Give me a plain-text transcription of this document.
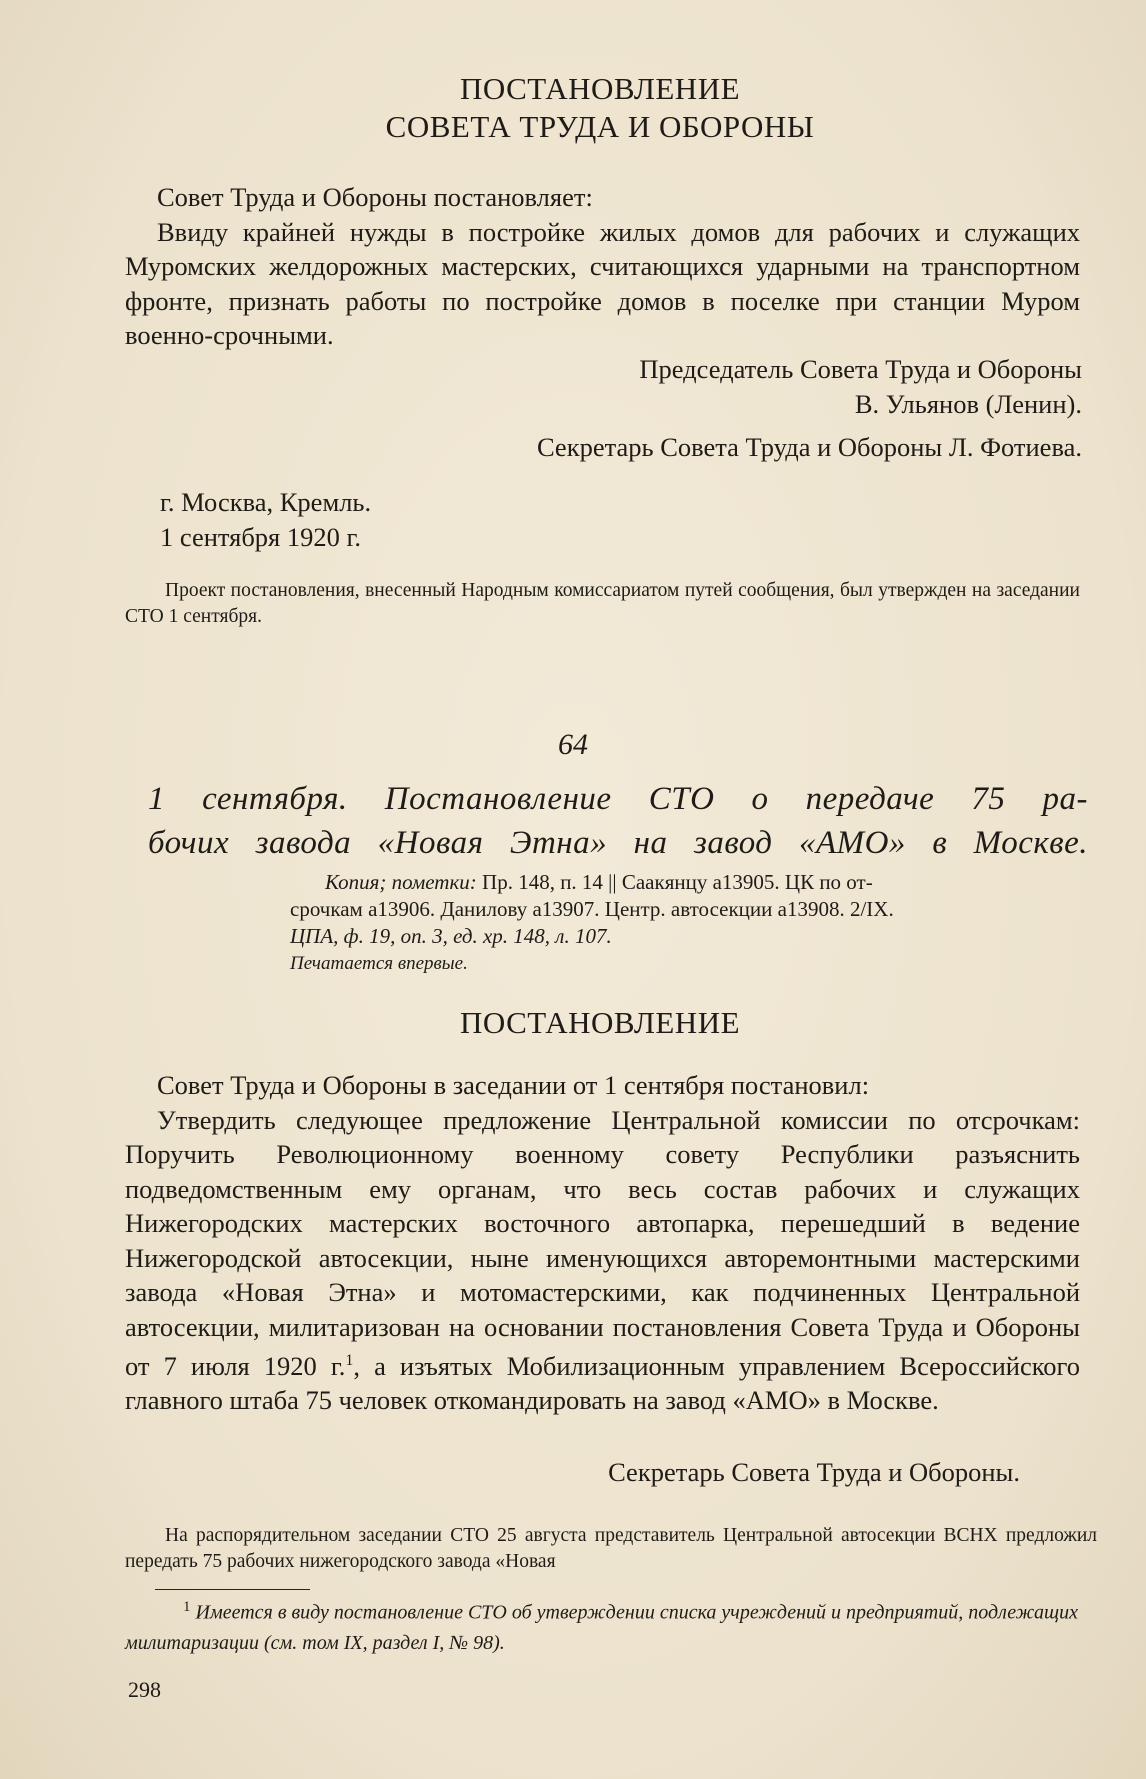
ПОСТАНОВЛЕНИЕ
СОВЕТА ТРУДА И ОБОРОНЫ

Совет Труда и Обороны постановляет:

Ввиду крайней нужды в постройке жилых домов для рабочих и служащих Муромских желдорожных мастерских, считающихся ударными на транспортном фронте, признать работы по постройке домов в поселке при станции Муром военно-срочными.

Председатель Совета Труда и Обороны
В. Ульянов (Ленин).
Секретарь Совета Труда и Обороны Л. Фотиева.
г. Москва, Кремль.
1 сентября 1920 г.

Проект постановления, внесенный Народным комиссариатом путей сообщения, был утвержден на заседании СТО 1 сентября.

64
1 сентября. Постановление СТО о передаче 75 ра-
бочих завода «Новая Этна» на завод «АМО» в Москве.
Копия; пометки: Пр. 148, п. 14 || Саакянцу а13905. ЦК по от-
срочкам а13906. Данилову а13907. Центр. автосекции а13908. 2/IX.
ЦПА, ф. 19, оп. 3, ед. хр. 148, л. 107.
Печатается впервые.
ПОСТАНОВЛЕНИЕ

Совет Труда и Обороны в заседании от 1 сентября постановил:

Утвердить следующее предложение Центральной комиссии по отсрочкам: Поручить Революционному военному совету Республики разъяснить подведомственным ему органам, что весь состав рабочих и служащих Нижегородских мастерских восточного автопарка, перешедший в ведение Нижегородской автосекции, ныне именующихся авторемонтными мастерскими завода «Новая Этна» и мотомастерскими, как подчиненных Центральной автосекции, милитаризован на основании постановления Совета Труда и Обороны от 7 июля 1920 г.$^1$, а изъятых Мобилизационным управлением Всероссийского главного штаба 75 человек откомандировать на завод «АМО» в Москве.

Секретарь Совета Труда и Обороны.

На распорядительном заседании СТО 25 августа представитель Центральной автосекции ВСНХ предложил передать 75 рабочих нижегородского завода «Новая

$^1$ Имеется в виду постановление СТО об утверждении списка учреждений и предприятий, подлежащих милитаризации (см. том IX, раздел I, № 98).

298
